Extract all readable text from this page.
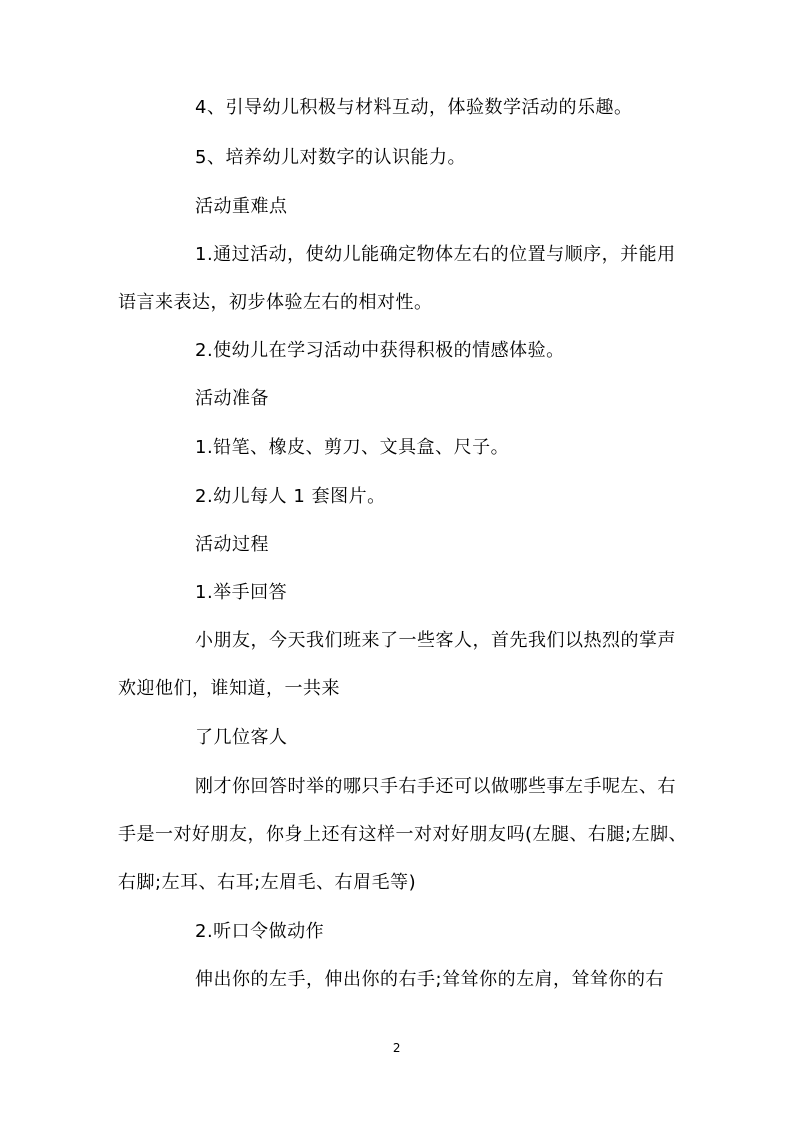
4、引导幼儿积极与材料互动，体验数学活动的乐趣。
5、培养幼儿对数字的认识能力。
活动重难点
1.通过活动，使幼儿能确定物体左右的位置与顺序，并能用
语言来表达，初步体验左右的相对性。
2.使幼儿在学习活动中获得积极的情感体验。
活动准备
1.铅笔、橡皮、剪刀、文具盒、尺子。
2.幼儿每人 1 套图片。
活动过程
1.举手回答
小朋友，今天我们班来了一些客人，首先我们以热烈的掌声
欢迎他们，谁知道，一共来
了几位客人
刚才你回答时举的哪只手右手还可以做哪些事左手呢左、右
手是一对好朋友，你身上还有这样一对对好朋友吗(左腿、右腿;左脚、
右脚;左耳、右耳;左眉毛、右眉毛等)
2.听口令做动作
伸出你的左手，伸出你的右手;耸耸你的左肩，耸耸你的右
2
